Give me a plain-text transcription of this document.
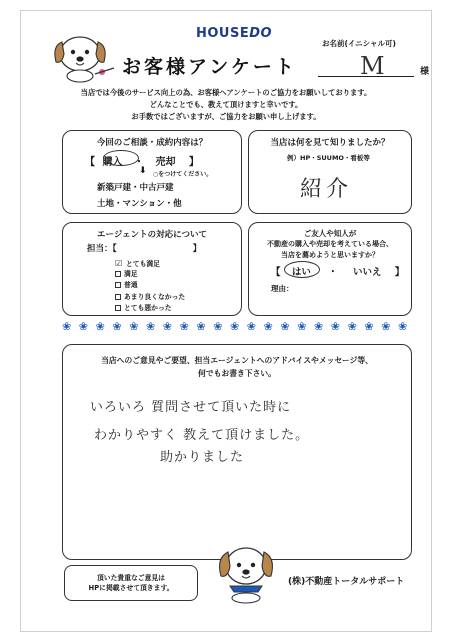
HOUSEDO
お客様アンケート
お名前(イニシャル可)
M	様
当店では今後のサービス向上の為、お客様へアンケートのご協力をお願いしております。
どんなことでも、教えて頂けますと幸いです。
お手数ではございますが、ご協力をお願い申し上げます。
今回のご相談・成約内容は？
【 購入 ・ 売却 】
⬇ ○をつけてください。
新築戸建・中古戸建
土地・マンション・他
当店は何を見て知りましたか？
例）HP・SUUMO・看板等
紹介
エージェントの対応について
担当：【	】
☑ とても満足
満足
普通
あまり良くなかった
とても悪かった
ご友人や知人が
不動産の購入や売却を考えている場合、
当店を薦めようと思いますか？
【 はい ・ いいえ 】
理由：
❀ ❀ ❀ ❀ ❀ ❀ ❀ ❀ ❀ ❀ ❀ ❀ ❀ ❀ ❀ ❀ ❀ ❀ ❀ ❀ ❀
当店へのご意見やご要望、担当エージェントへのアドバイスやメッセージ等、
何でもお書き下さい。
いろいろ 質問させて頂いた時に
わかりやすく 教えて頂けました。
助かりました
頂いた貴重なご意見は
HPに掲載させて頂きます。
(株)不動産トータルサポート
